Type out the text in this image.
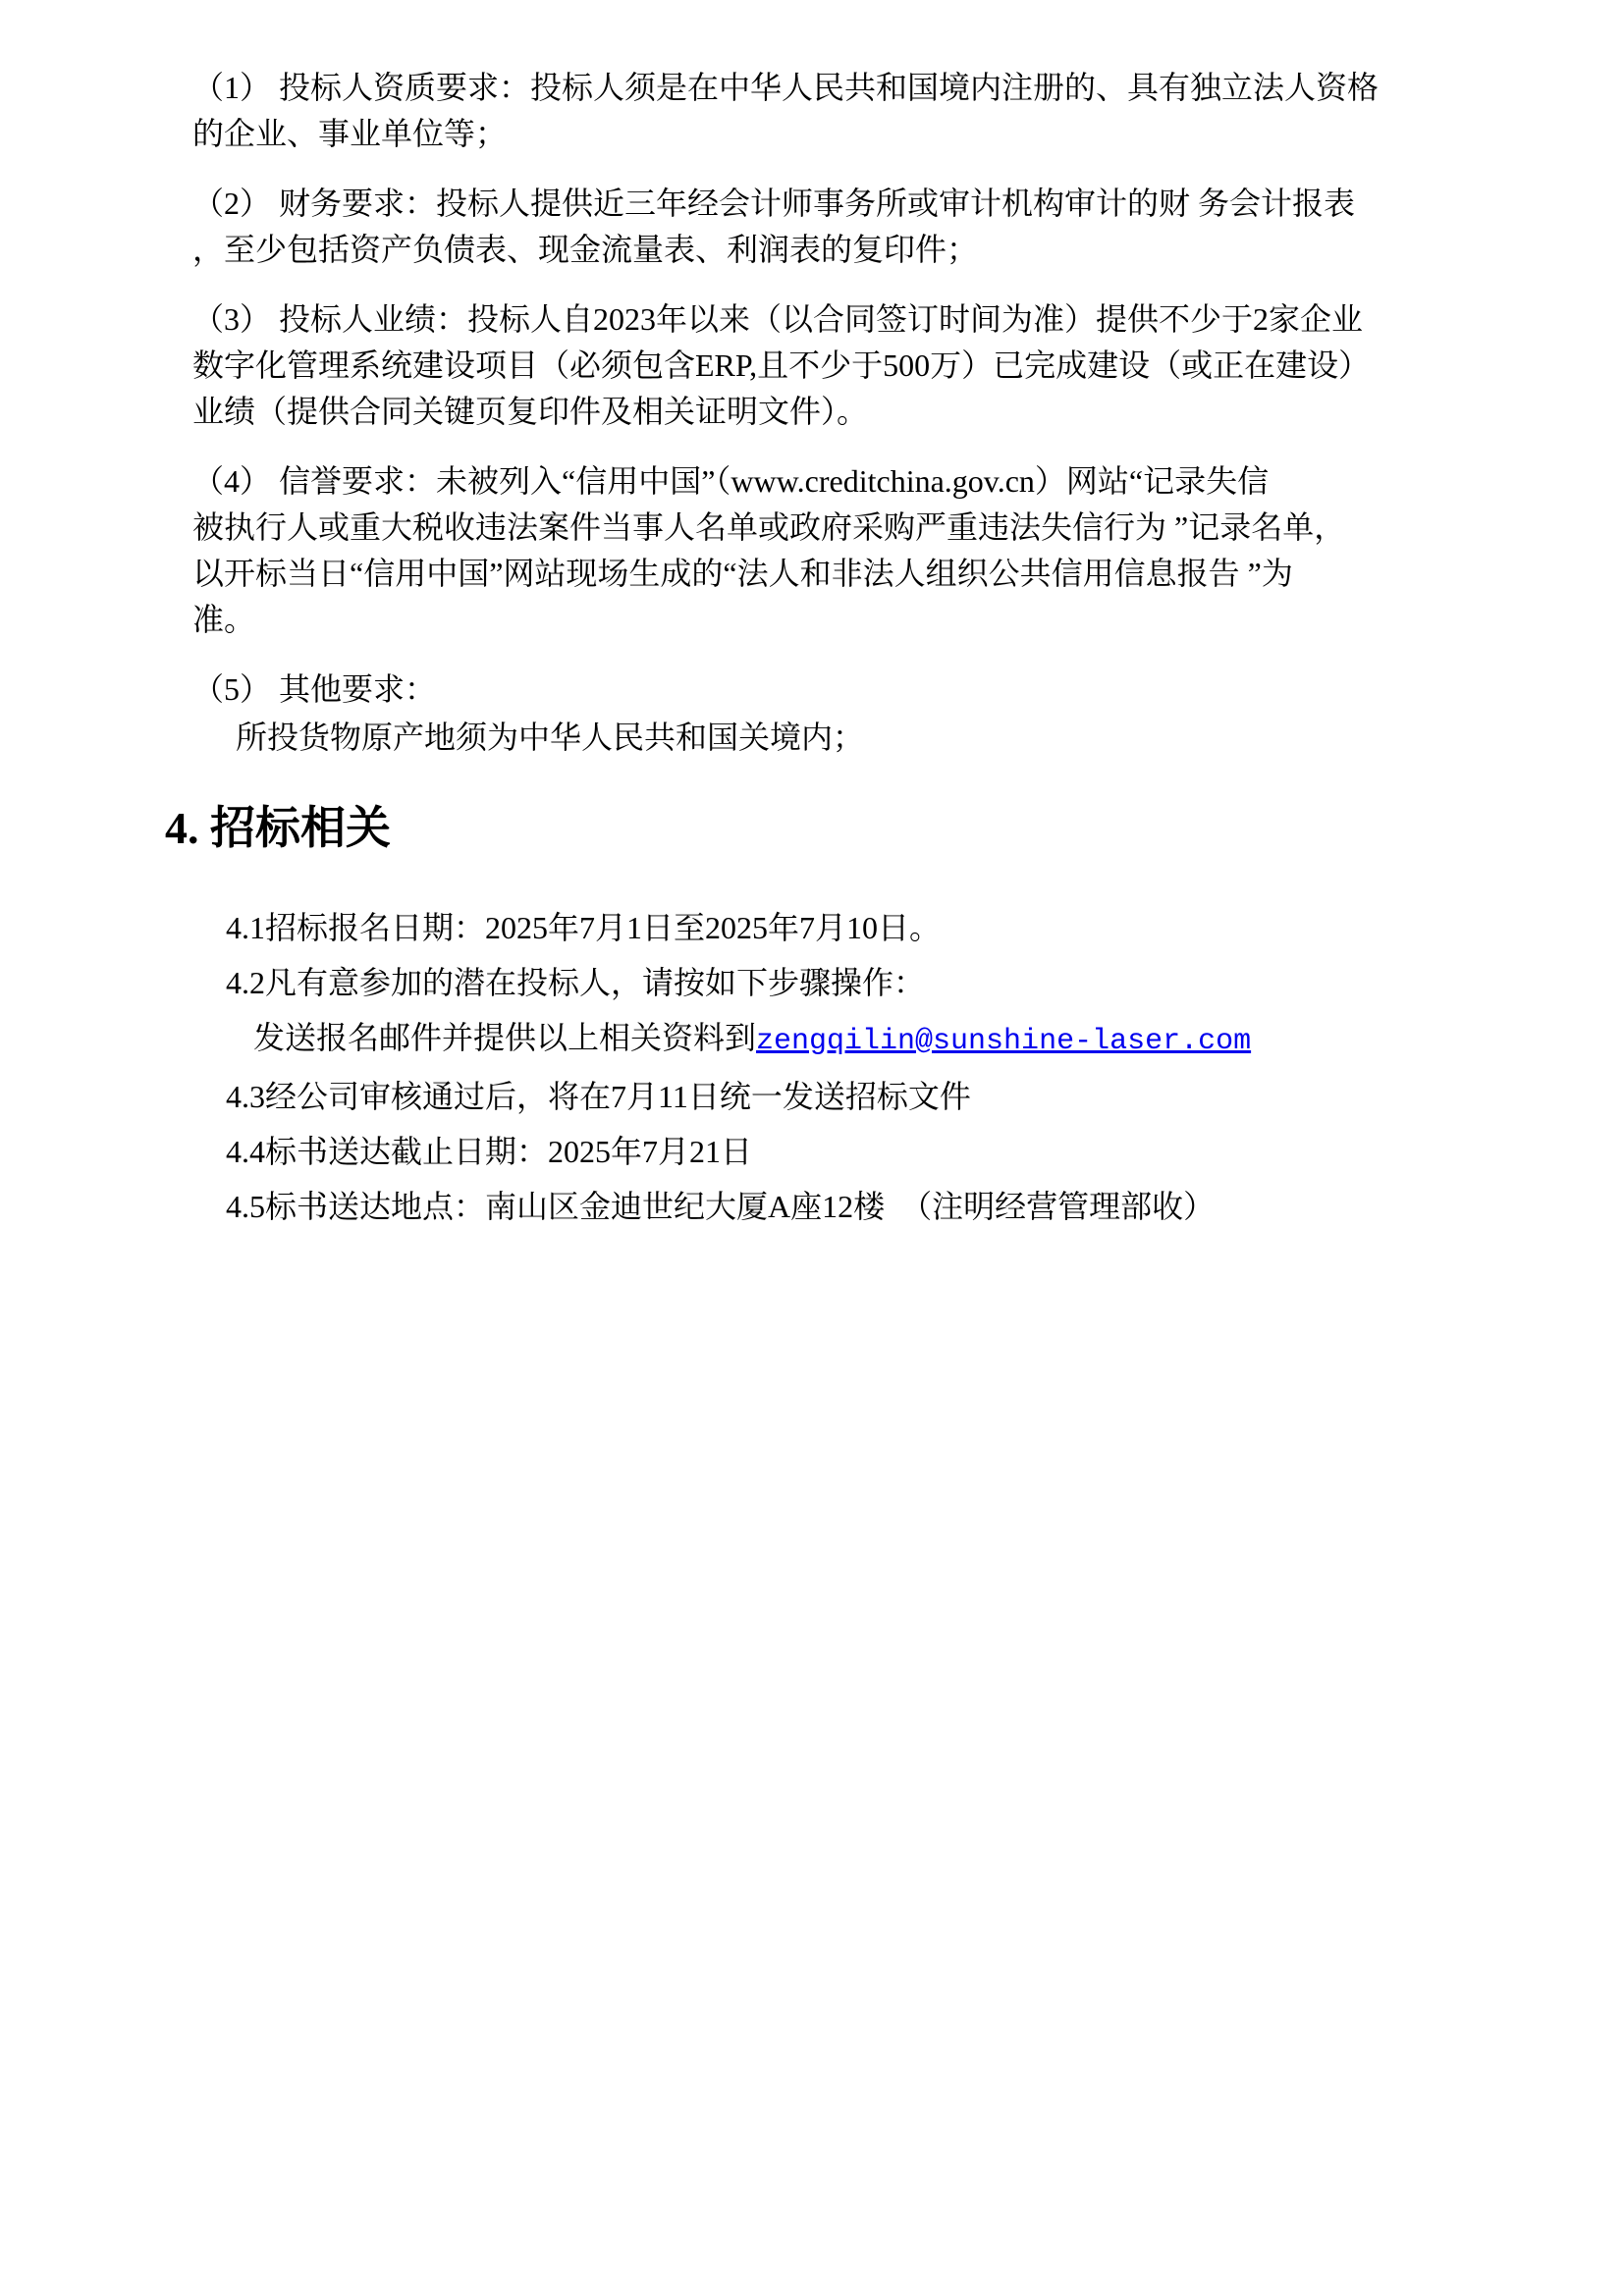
（1） 投标人资质要求：投标人须是在中华人民共和国境内注册的、具有独立法人资格
的企业、事业单位等；

（2） 财务要求：投标人提供近三年经会计师事务所或审计机构审计的财 务会计报表
，至少包括资产负债表、现金流量表、利润表的复印件；

（3） 投标人业绩：投标人自2023年以来（以合同签订时间为准）提供不少于2家企业
数字化管理系统建设项目（必须包含ERP,且不少于500万）已完成建设（或正在建设）
业绩（提供合同关键页复印件及相关证明文件）。

（4） 信誉要求：未被列入“信用中国”（www.creditchina.gov.cn）网站“记录失信
被执行人或重大税收违法案件当事人名单或政府采购严重违法失信行为 ”记录名单，
以开标当日“信用中国”网站现场生成的“法人和非法人组织公共信用信息报告 ”为
准。

（5） 其他要求：

所投货物原产地须为中华人民共和国关境内；

4. 招标相关
4.1招标报名日期：2025年7月1日至2025年7月10日。
4.2凡有意参加的潜在投标人，请按如下步骤操作：
发送报名邮件并提供以上相关资料到zengqilin@sunshine-laser.com
4.3经公司审核通过后，将在7月11日统一发送招标文件
4.4标书送达截止日期：2025年7月21日
4.5标书送达地点：南山区金迪世纪大厦A座12楼  （注明经营管理部收）
